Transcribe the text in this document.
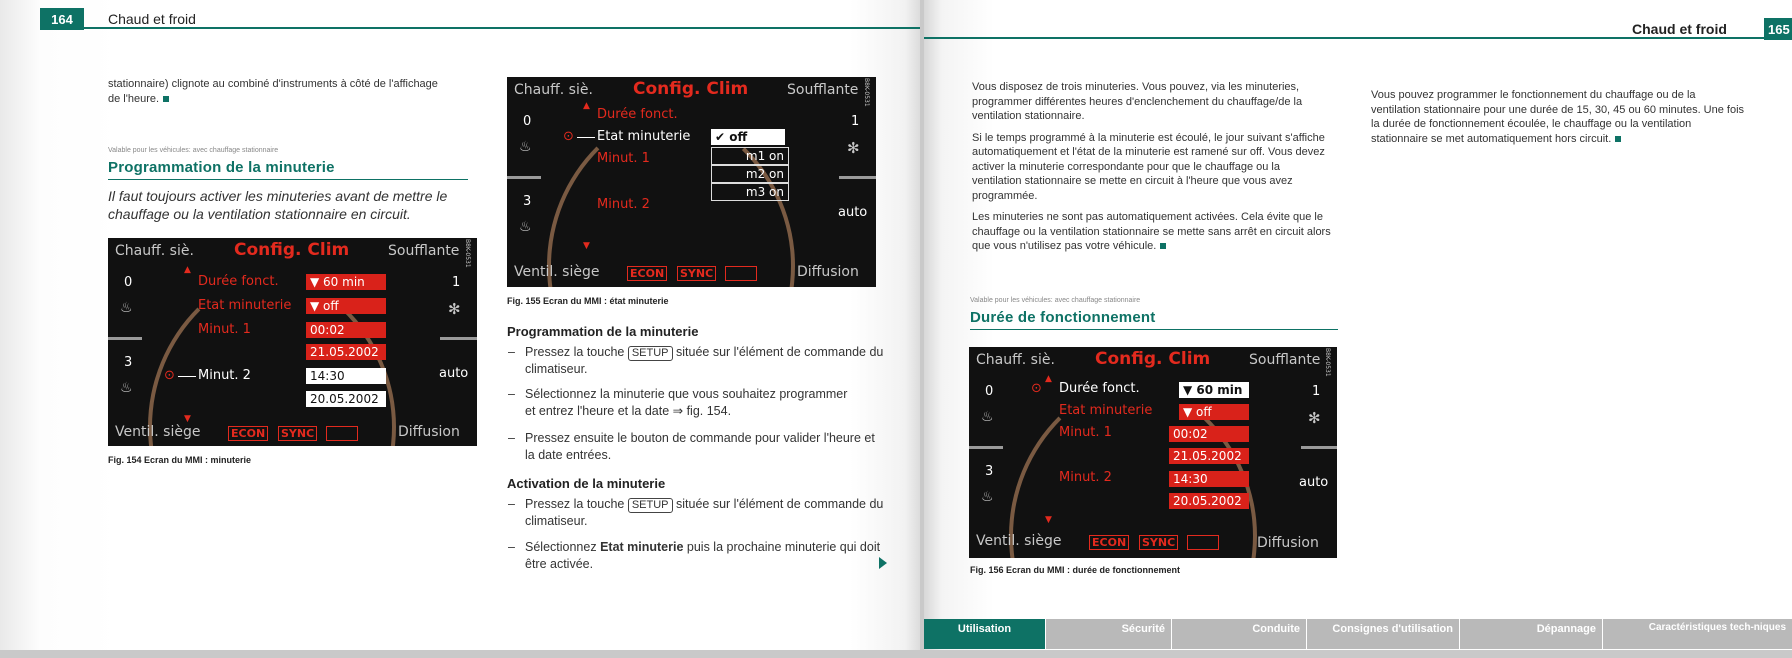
164	Chaud et froid
stationnaire) clignote au combiné d'instruments à côté de l'affichage de l'heure.
Valable pour les véhicules: avec chauffage stationnaire
Programmation de la minuterie
Il faut toujours activer les minuteries avant de mettre le chauffage ou la ventilation stationnaire en circuit.
Chauff. siè. Config. Clim	Soufflante B8K-0531
0
3
♨
♨
1
✻
auto
▲
▼
Durée fonct.	▼ 60 min
Etat minuterie	▼ off
Minut. 1	00:02
21.05.2002
⊙ Minut. 2	14:30
20.05.2002
Ventil. siège	ECON SYNC	Diffusion
Fig. 154 Ecran du MMI : minuterie
Chauff. siè. Config. Clim	Soufflante B8K-0531
0
3
♨
♨
1
✻
auto
▲
▼
Durée fonct.
⊙ Etat minuterie
Minut. 1
Minut. 2
✔ off
m1 on
m2 on
m3 on
Ventil. siège	ECON SYNC	Diffusion
Fig. 155 Ecran du MMI : état minuterie
Programmation de la minuterie
– Pressez la touche SETUP située sur l'élément de commande du climatiseur.
– Sélectionnez la minuterie que vous souhaitez programmer et entrez l'heure et la date ⇒ fig. 154.
– Pressez ensuite le bouton de commande pour valider l'heure et la date entrées.
Activation de la minuterie
– Pressez la touche SETUP située sur l'élément de commande du climatiseur.
– Sélectionnez Etat minuterie puis la prochaine minuterie qui doit être activée.
165
Chaud et froid

Vous disposez de trois minuteries. Vous pouvez, via les minuteries, programmer différentes heures d'enclenchement du chauffage/de la ventilation stationnaire.

Si le temps programmé à la minuterie est écoulé, le jour suivant s'affiche automatiquement et l'état de la minuterie est ramené sur off. Vous devez activer la minuterie correspondante pour que le chauffage ou la ventilation stationnaire se mette en circuit à l'heure que vous avez programmée.

Les minuteries ne sont pas automatiquement activées. Cela évite que le chauffage ou la ventilation stationnaire se mette sans arrêt en circuit alors que vous n'utilisez pas votre véhicule.

Vous pouvez programmer le fonctionnement du chauffage ou de la ventilation stationnaire pour une durée de 15, 30, 45 ou 60 minutes. Une fois la durée de fonctionnement écoulée, le chauffage ou la ventilation stationnaire se met automatiquement hors circuit.
Valable pour les véhicules: avec chauffage stationnaire
Durée de fonctionnement
Chauff. siè. Config. Clim	Soufflante B8K-0531
0
3
♨
♨
1
✻
auto
▲
▼
⊙ Durée fonct.	▼ 60 min
Etat minuterie	▼ off
Minut. 1	00:02
21.05.2002
Minut. 2	14:30
20.05.2002
Ventil. siège	ECON SYNC	Diffusion
Fig. 156 Ecran du MMI : durée de fonctionnement
Utilisation	Sécurité	Conduite	Consignes d'utilisation	Dépannage	Caractéristiques tech-niques
